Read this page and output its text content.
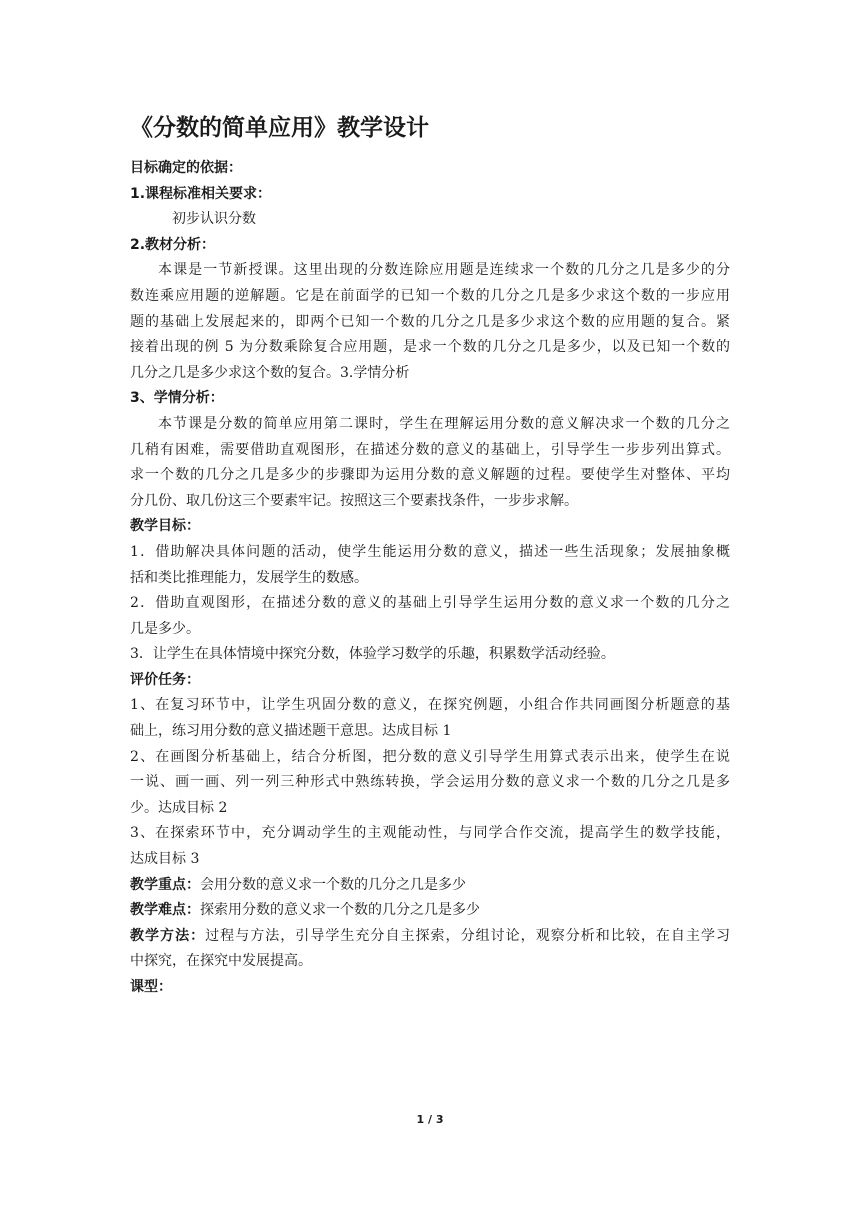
《分数的简单应用》教学设计
目标确定的依据：
1.课程标准相关要求：
初步认识分数
2.教材分析：
本课是一节新授课。这里出现的分数连除应用题是连续求一个数的几分之几是多少的分
数连乘应用题的逆解题。它是在前面学的已知一个数的几分之几是多少求这个数的一步应用
题的基础上发展起来的，即两个已知一个数的几分之几是多少求这个数的应用题的复合。紧
接着出现的例 5 为分数乘除复合应用题，是求一个数的几分之几是多少，以及已知一个数的
几分之几是多少求这个数的复合。3.学情分析
3、学情分析：
本节课是分数的简单应用第二课时，学生在理解运用分数的意义解决求一个数的几分之
几稍有困难，需要借助直观图形，在描述分数的意义的基础上，引导学生一步步列出算式。
求一个数的几分之几是多少的步骤即为运用分数的意义解题的过程。要使学生对整体、平均
分几份、取几份这三个要素牢记。按照这三个要素找条件，一步步求解。
教学目标：
1．借助解决具体问题的活动，使学生能运用分数的意义，描述一些生活现象；发展抽象概
括和类比推理能力，发展学生的数感。
2．借助直观图形，在描述分数的意义的基础上引导学生运用分数的意义求一个数的几分之
几是多少。
3．让学生在具体情境中探究分数，体验学习数学的乐趣，积累数学活动经验。
评价任务：
1、在复习环节中，让学生巩固分数的意义，在探究例题，小组合作共同画图分析题意的基
础上，练习用分数的意义描述题干意思。达成目标 1
2、在画图分析基础上，结合分析图，把分数的意义引导学生用算式表示出来，使学生在说
一说、画一画、列一列三种形式中熟练转换，学会运用分数的意义求一个数的几分之几是多
少。达成目标 2
3、在探索环节中，充分调动学生的主观能动性，与同学合作交流，提高学生的数学技能，
达成目标 3
教学重点：会用分数的意义求一个数的几分之几是多少
教学难点：探索用分数的意义求一个数的几分之几是多少
教学方法：过程与方法，引导学生充分自主探索，分组讨论，观察分析和比较，在自主学习
中探究，在探究中发展提高。
课型：
1 / 3
